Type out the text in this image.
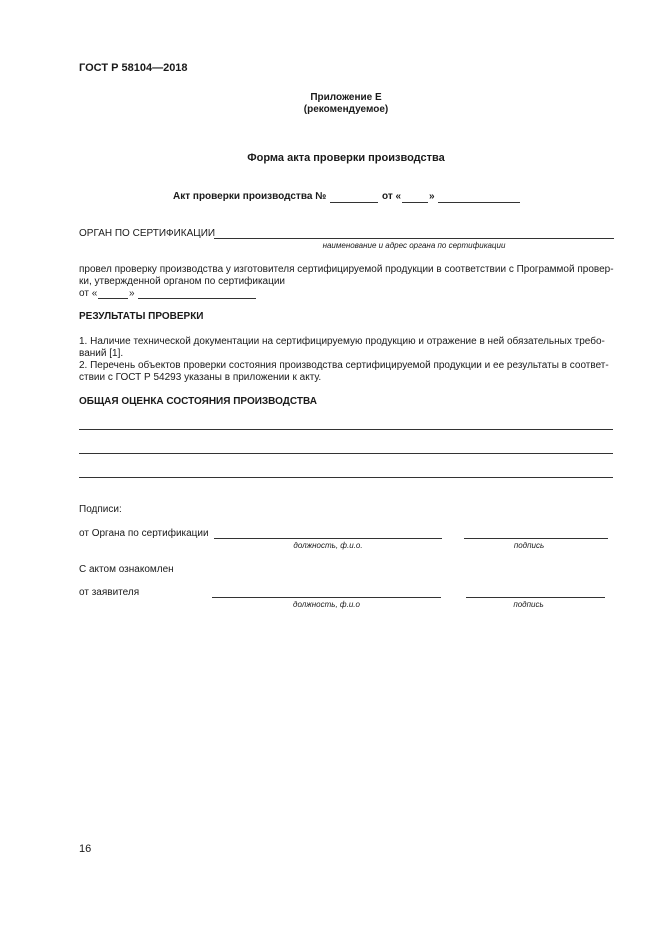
ГОСТ Р 58104—2018
Приложение Е
(рекомендуемое)
Форма акта проверки производства
Акт проверки производства №	от «	»
ОРГАН ПО СЕРТИФИКАЦИИ
наименование и адрес органа по сертификации
провел проверку производства у изготовителя сертифицируемой продукции в соответствии с Программой провер-
ки, утвержденной органом по сертификации
от «	»
РЕЗУЛЬТАТЫ ПРОВЕРКИ
1. Наличие технической документации на сертифицируемую продукцию и отражение в ней обязательных требо-
ваний [1].
2. Перечень объектов проверки состояния производства сертифицируемой продукции и ее результаты в соответ-
ствии с ГОСТ Р 54293 указаны в приложении к акту.
ОБЩАЯ ОЦЕНКА СОСТОЯНИЯ ПРОИЗВОДСТВА
Подписи:
от Органа по сертификации
должность, ф.и.о.	подпись
С актом ознакомлен
от заявителя
должность, ф.и.о	подпись
16
